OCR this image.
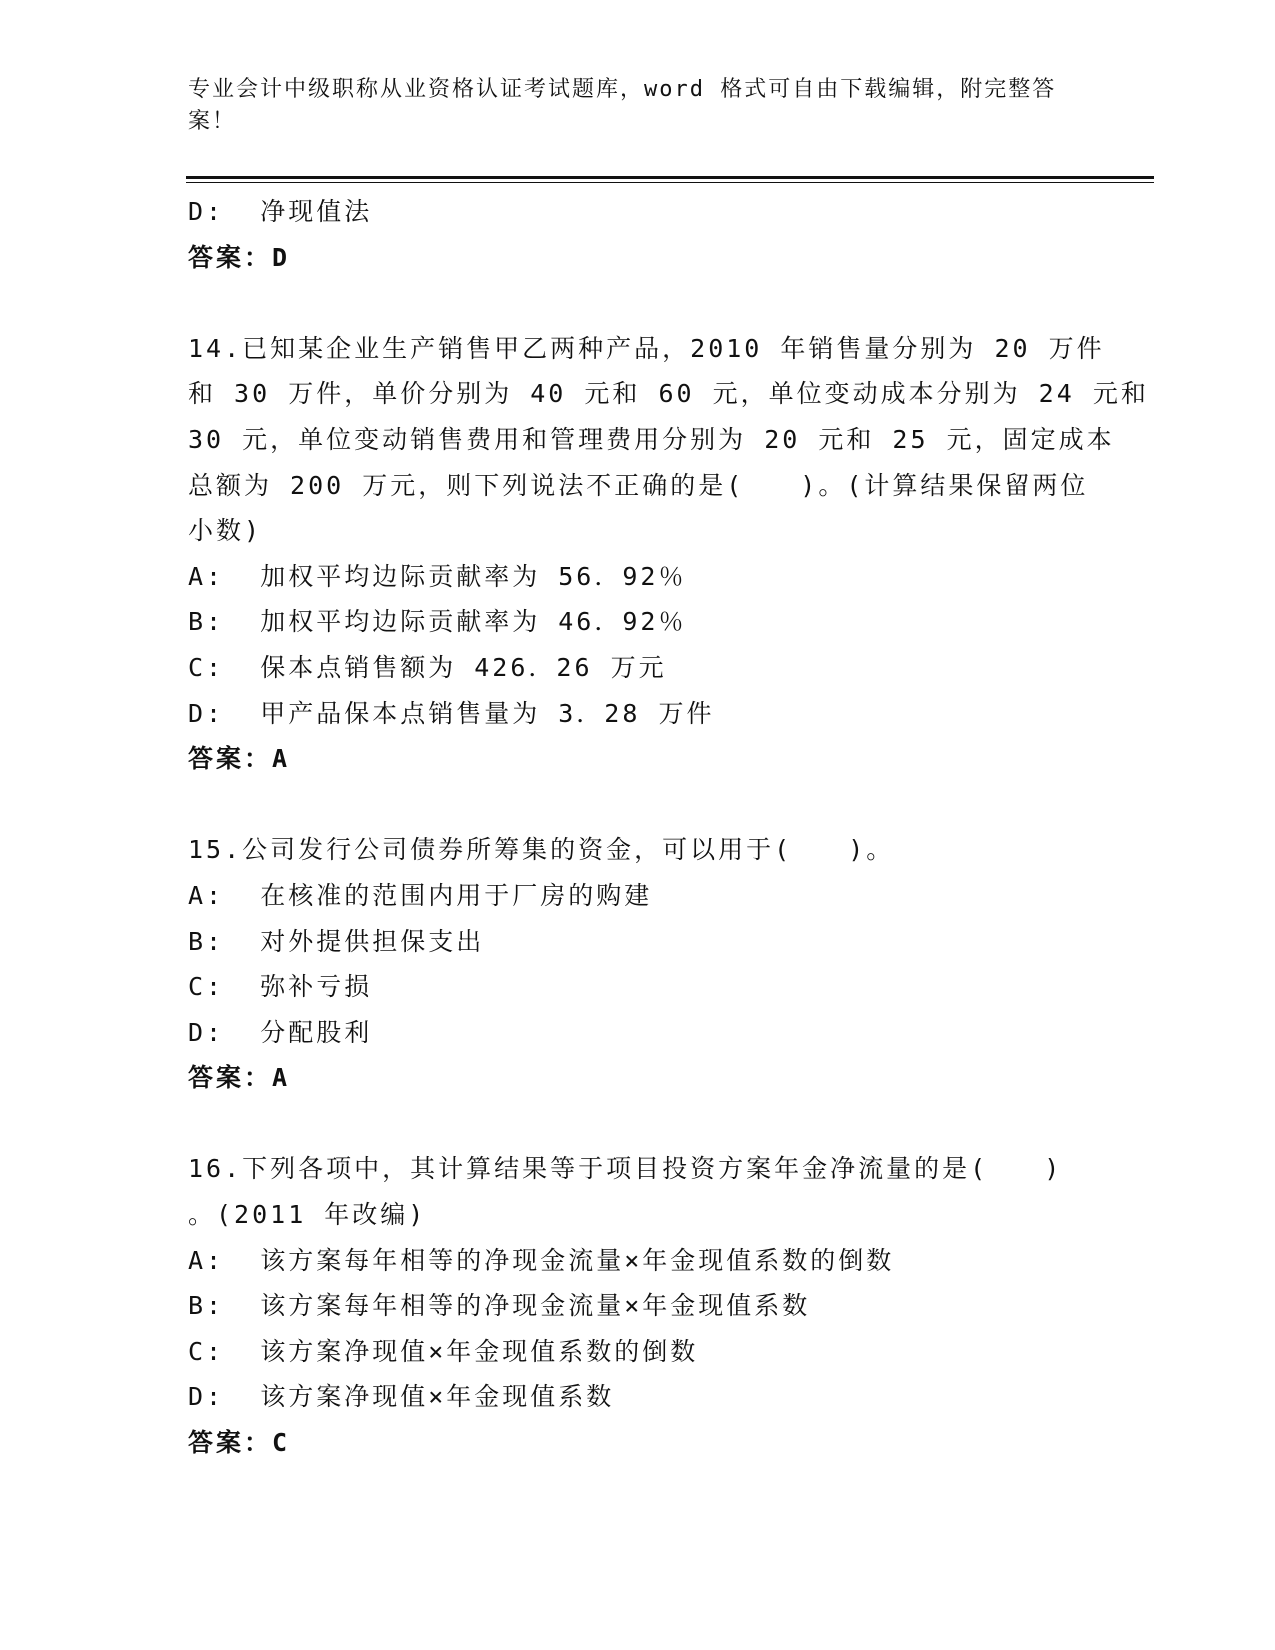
专业会计中级职称从业资格认证考试题库，word 格式可自由下载编辑，附完整答
案！
D:  净现值法
答案：D
14.已知某企业生产销售甲乙两种产品，2010 年销售量分别为 20 万件
和 30 万件，单价分别为 40 元和 60 元，单位变动成本分别为 24 元和
30 元，单位变动销售费用和管理费用分别为 20 元和 25 元，固定成本
总额为 200 万元，则下列说法不正确的是(　　)。(计算结果保留两位
小数)
A:  加权平均边际贡献率为 56．92％
B:  加权平均边际贡献率为 46．92％
C:  保本点销售额为 426．26 万元
D:  甲产品保本点销售量为 3．28 万件
答案：A
15.公司发行公司债券所筹集的资金，可以用于(　　)。
A:  在核准的范围内用于厂房的购建
B:  对外提供担保支出
C:  弥补亏损
D:  分配股利
答案：A
16.下列各项中，其计算结果等于项目投资方案年金净流量的是(　　)
。(2011 年改编)
A:  该方案每年相等的净现金流量×年金现值系数的倒数
B:  该方案每年相等的净现金流量×年金现值系数
C:  该方案净现值×年金现值系数的倒数
D:  该方案净现值×年金现值系数
答案：C
